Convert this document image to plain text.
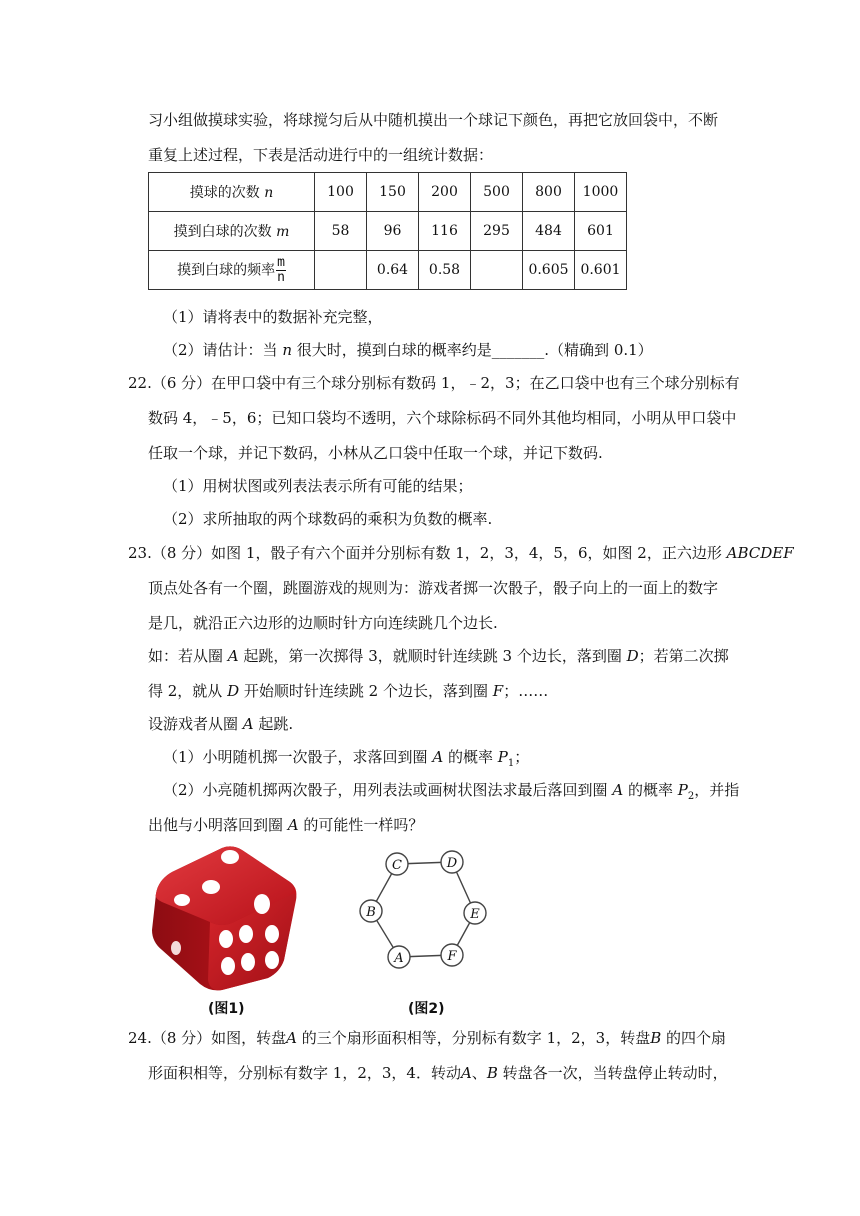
习小组做摸球实验，将球搅匀后从中随机摸出一个球记下颜色，再把它放回袋中，不断
重复上述过程，下表是活动进行中的一组统计数据：
摸球的次数 n	100	150	200	500	800	1000
摸到白球的次数 m	58	96	116	295	484	601
摸到白球的频率 $\frac{m}{n}$		0.64	0.58		0.605	0.601
（1）请将表中的数据补充完整，
（2）请估计：当 n 很大时，摸到白球的概率约是_______.（精确到 0.1）
22.（6 分）在甲口袋中有三个球分别标有数码 1，﹣2，3；在乙口袋中也有三个球分别标有
数码 4，﹣5，6；已知口袋均不透明，六个球除标码不同外其他均相同，小明从甲口袋中
任取一个球，并记下数码，小林从乙口袋中任取一个球，并记下数码.
（1）用树状图或列表法表示所有可能的结果；
（2）求所抽取的两个球数码的乘积为负数的概率.
23.（8 分）如图 1，骰子有六个面并分别标有数 1，2，3，4，5，6，如图 2，正六边形 ABCDEF
顶点处各有一个圈，跳圈游戏的规则为：游戏者掷一次骰子，骰子向上的一面上的数字
是几，就沿正六边形的边顺时针方向连续跳几个边长.
如：若从圈 A 起跳，第一次掷得 3，就顺时针连续跳 3 个边长，落到圈 D；若第二次掷
得 2，就从 D 开始顺时针连续跳 2 个边长，落到圈 F；……
设游戏者从圈 A 起跳.
（1）小明随机掷一次骰子，求落回到圈 A 的概率 $P_1$；
（2）小亮随机掷两次骰子，用列表法或画树状图法求最后落回到圈 A 的概率 $P_2$，并指
出他与小明落回到圈 A 的可能性一样吗？
(图1)
C	D
B	E
A	F
(图2)
24.（8 分）如图，转盘A 的三个扇形面积相等，分别标有数字 1，2，3，转盘B 的四个扇
形面积相等，分别标有数字 1，2，3，4．转动A、B 转盘各一次，当转盘停止转动时，
